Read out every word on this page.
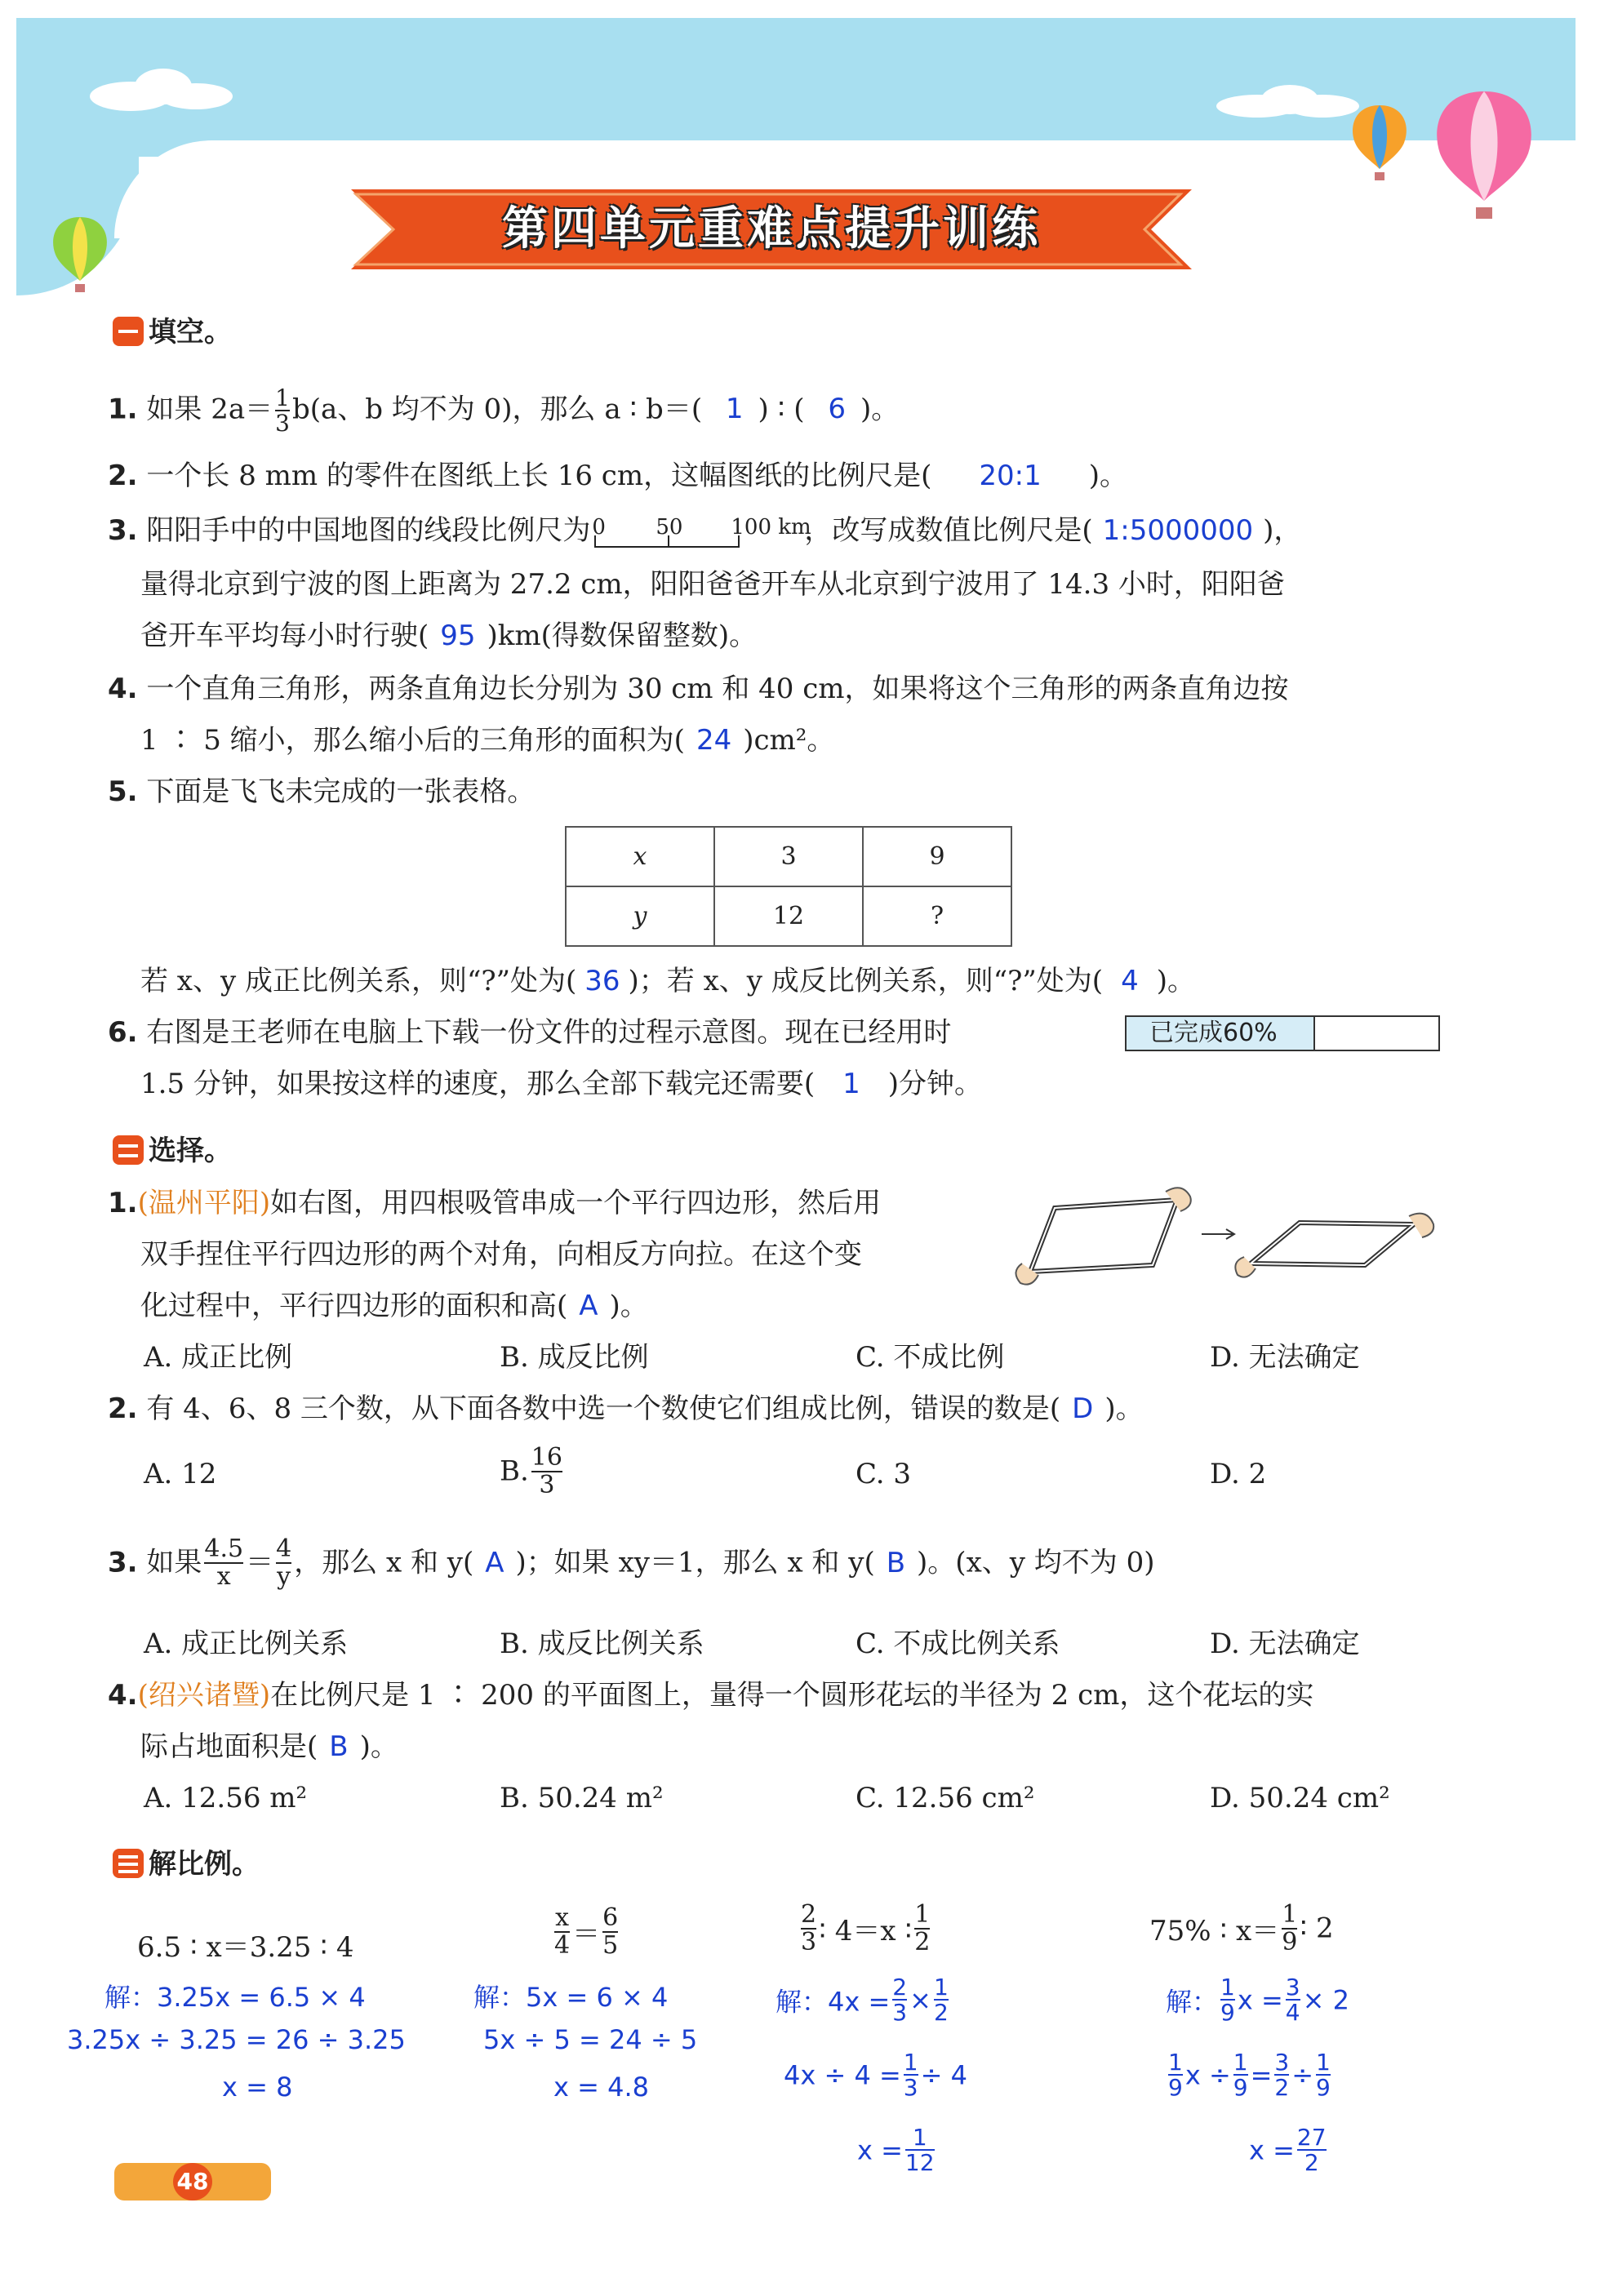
第四单元重难点提升训练
填空。
1. 如果 $2a= \frac{1}{3} b(a$、b 均不为 0)，那么 a ∶ b＝( 1 ) ∶ ( 6 )。
2. 一个长 8 mm 的零件在图纸上长 16 cm，这幅图纸的比例尺是( 20:1 )。
3. 阳阳手中的中国地图的线段比例尺为 0 50 100 km
，改写成数值比例尺是( 1:5000000 )，
量得北京到宁波的图上距离为 27.2 cm，阳阳爸爸开车从北京到宁波用了 14.3 小时，阳阳爸
爸开车平均每小时行驶( 95 )km(得数保留整数)。
4. 一个直角三角形，两条直角边长分别为 30 cm 和 40 cm，如果将这个三角形的两条直角边按
1 ∶ 5 缩小，那么缩小后的三角形的面积为( 24 )cm²。
5. 下面是飞飞未完成的一张表格。
x	3	9
y	12	?
若 x、y 成正比例关系，则“?”处为( 36 )；若 x、y 成反比例关系，则“?”处为( 4 )。
6. 右图是王老师在电脑上下载一份文件的过程示意图。现在已经用时	已完成60%
1.5 分钟，如果按这样的速度，那么全部下载完还需要( 1 )分钟。
选择。
1.(温州平阳)如右图，用四根吸管串成一个平行四边形，然后用
双手捏住平行四边形的两个对角，向相反方向拉。在这个变
化过程中，平行四边形的面积和高( A )。
A. 成正比例	B. 成反比例	C. 不成比例	D. 无法确定
2. 有 4、6、8 三个数，从下面各数中选一个数使它们组成比例，错误的数是( D )。
A. 12	B. $\frac{16}{3}$	C. 3	D. 2
3. 如果 $\frac{4.5}{x} = \frac{4}{y}$ ，那么 x 和 y( A )；如果 xy＝1，那么 x 和 y( B )。(x、y 均不为 0)
A. 成正比例关系	B. 成反比例关系	C. 不成比例关系	D. 无法确定
4.(绍兴诸暨)在比例尺是 1 ∶ 200 的平面图上，量得一个圆形花坛的半径为 2 cm，这个花坛的实
际占地面积是( B )。
A. 12.56 m²	B. 50.24 m²	C. 12.56 cm²	D. 50.24 cm²
解比例。
6.5 ∶ x＝3.25 ∶ 4
解：3.25x = 6.5 × 4
3.25x ÷ 3.25 = 26 ÷ 3.25
x = 8
$\frac{x}{4} = \frac{6}{5}$
解：5x = 6 × 4
5x ÷ 5 = 24 ÷ 5
x = 4.8
$\frac{2}{3}$ ∶ 4＝x ∶ $\frac{1}{2}$
解：$4x = \frac{2}{3} \times \frac{1}{2}$
$4x \div 4 = \frac{1}{3} \div 4$
$x = \frac{1}{12}$
75% ∶ $x= \frac{1}{9}$ ∶ 2
解： $\frac{1}{9}$ $x = \frac{3}{4} \times 2$
$\frac{1}{9}$ $x \div \frac{1}{9} = \frac{3}{2} \div \frac{1}{9}$
$x = \frac{27}{2}$
48
